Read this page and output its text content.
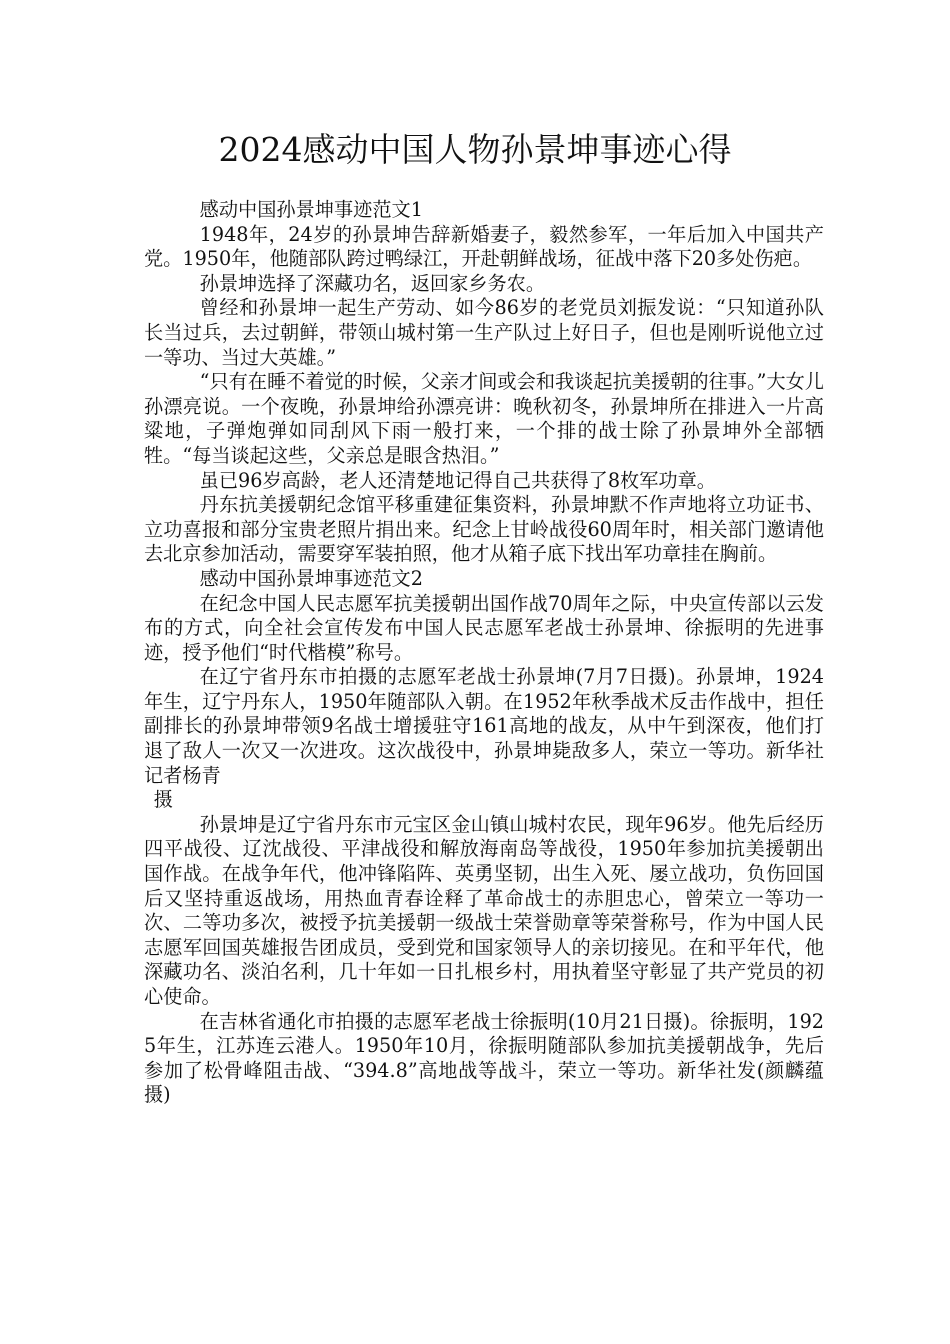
2024感动中国人物孙景坤事迹心得

感动中国孙景坤事迹范文1

1948年，24岁的孙景坤告辞新婚妻子，毅然参军，一年后加入中国共产党。1950年，他随部队跨过鸭绿江，开赴朝鲜战场，征战中落下20多处伤疤。

孙景坤选择了深藏功名，返回家乡务农。

曾经和孙景坤一起生产劳动、如今86岁的老党员刘振发说：“只知道孙队长当过兵，去过朝鲜，带领山城村第一生产队过上好日子，但也是刚听说他立过一等功、当过大英雄。”

“只有在睡不着觉的时候，父亲才间或会和我谈起抗美援朝的往事。”大女儿孙漂亮说。一个夜晚，孙景坤给孙漂亮讲：晚秋初冬，孙景坤所在排进入一片高粱地，子弹炮弹如同刮风下雨一般打来，一个排的战士除了孙景坤外全部牺牲。“每当谈起这些，父亲总是眼含热泪。”

虽已96岁高龄，老人还清楚地记得自己共获得了8枚军功章。

丹东抗美援朝纪念馆平移重建征集资料，孙景坤默不作声地将立功证书、立功喜报和部分宝贵老照片捐出来。纪念上甘岭战役60周年时，相关部门邀请他去北京参加活动，需要穿军装拍照，他才从箱子底下找出军功章挂在胸前。

感动中国孙景坤事迹范文2

在纪念中国人民志愿军抗美援朝出国作战70周年之际，中央宣传部以云发布的方式，向全社会宣传发布中国人民志愿军老战士孙景坤、徐振明的先进事迹，授予他们“时代楷模”称号。

在辽宁省丹东市拍摄的志愿军老战士孙景坤(7月7日摄)。孙景坤，1924年生，辽宁丹东人，1950年随部队入朝。在1952年秋季战术反击作战中，担任副排长的孙景坤带领9名战士增援驻守161高地的战友，从中午到深夜，他们打退了敌人一次又一次进攻。这次战役中，孙景坤毙敌多人，荣立一等功。新华社记者杨青

摄

孙景坤是辽宁省丹东市元宝区金山镇山城村农民，现年96岁。他先后经历四平战役、辽沈战役、平津战役和解放海南岛等战役，1950年参加抗美援朝出国作战。在战争年代，他冲锋陷阵、英勇坚韧，出生入死、屡立战功，负伤回国后又坚持重返战场，用热血青春诠释了革命战士的赤胆忠心，曾荣立一等功一次、二等功多次，被授予抗美援朝一级战士荣誉勋章等荣誉称号，作为中国人民志愿军回国英雄报告团成员，受到党和国家领导人的亲切接见。在和平年代，他深藏功名、淡泊名利，几十年如一日扎根乡村，用执着坚守彰显了共产党员的初心使命。

在吉林省通化市拍摄的志愿军老战士徐振明(10月21日摄)。徐振明，1925年生，江苏连云港人。1950年10月，徐振明随部队参加抗美援朝战争，先后参加了松骨峰阻击战、“394.8”高地战等战斗，荣立一等功。新华社发(颜麟蕴摄)
